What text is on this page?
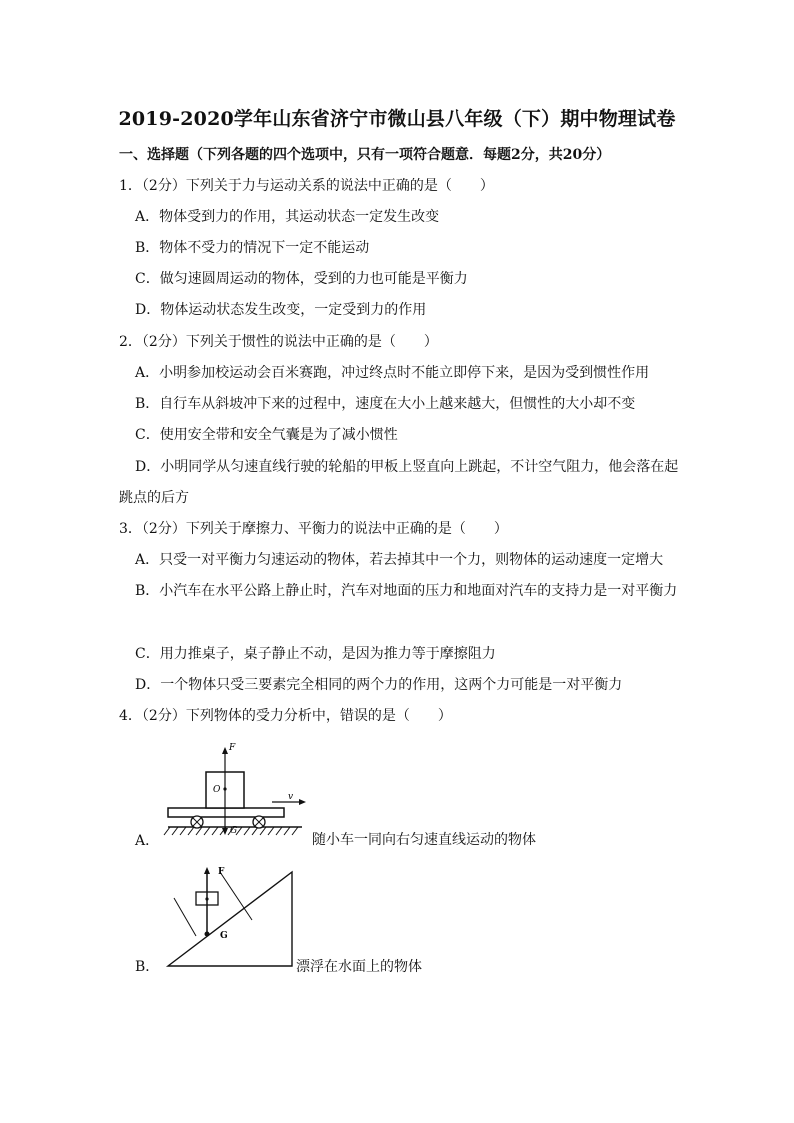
2019-2020学年山东省济宁市微山县八年级（下）期中物理试卷
一、选择题（下列各题的四个选项中，只有一项符合题意．每题2分，共20分）
1．（2分）下列关于力与运动关系的说法中正确的是（　　）
A．物体受到力的作用，其运动状态一定发生改变
B．物体不受力的情况下一定不能运动
C．做匀速圆周运动的物体，受到的力也可能是平衡力
D．物体运动状态发生改变，一定受到力的作用
2．（2分）下列关于惯性的说法中正确的是（　　）
A．小明参加校运动会百米赛跑，冲过终点时不能立即停下来，是因为受到惯性作用
B．自行车从斜坡冲下来的过程中，速度在大小上越来越大，但惯性的大小却不变
C．使用安全带和安全气囊是为了减小惯性
D．小明同学从匀速直线行驶的轮船的甲板上竖直向上跳起，不计空气阻力，他会落在起
跳点的后方
3．（2分）下列关于摩擦力、平衡力的说法中正确的是（　　）
A．只受一对平衡力匀速运动的物体，若去掉其中一个力，则物体的运动速度一定增大
B．小汽车在水平公路上静止时，汽车对地面的压力和地面对汽车的支持力是一对平衡力
C．用力推桌子，桌子静止不动，是因为推力等于摩擦阻力
D．一个物体只受三要素完全相同的两个力的作用，这两个力可能是一对平衡力
4．（2分）下列物体的受力分析中，错误的是（　　）
A．
F
O
G
v
随小车一同向右匀速直线运动的物体
B．
F
G
漂浮在水面上的物体
